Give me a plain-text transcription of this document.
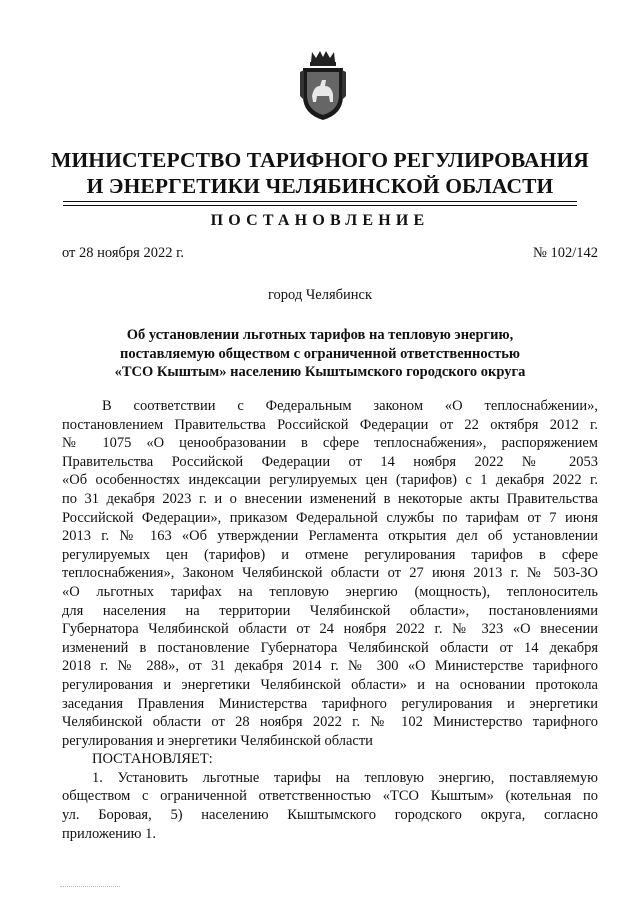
МИНИСТЕРСТВО ТАРИФНОГО РЕГУЛИРОВАНИЯ
И ЭНЕРГЕТИКИ ЧЕЛЯБИНСКОЙ ОБЛАСТИ
ПОСТАНОВЛЕНИЕ
от 28 ноября 2022 г.	№ 102/142
город Челябинск
Об установлении льготных тарифов на тепловую энергию,
поставляемую обществом с ограниченной ответственностью
«ТСО Кыштым» населению Кыштымского городского округа
В соответствии с Федеральным законом «О теплоснабжении»,
постановлением Правительства Российской Федерации от 22 октября 2012 г.
№ 1075 «О ценообразовании в сфере теплоснабжения», распоряжением
Правительства Российской Федерации от 14 ноября 2022 № 2053
«Об особенностях индексации регулируемых цен (тарифов) с 1 декабря 2022 г.
по 31 декабря 2023 г. и о внесении изменений в некоторые акты Правительства
Российской Федерации», приказом Федеральной службы по тарифам от 7 июня
2013 г. № 163 «Об утверждении Регламента открытия дел об установлении
регулируемых цен (тарифов) и отмене регулирования тарифов в сфере
теплоснабжения», Законом Челябинской области от 27 июня 2013 г. № 503-ЗО
«О льготных тарифах на тепловую энергию (мощность), теплоноситель
для населения на территории Челябинской области», постановлениями
Губернатора Челябинской области от 24 ноября 2022 г. № 323 «О внесении
изменений в постановление Губернатора Челябинской области от 14 декабря
2018 г. № 288», от 31 декабря 2014 г. № 300 «О Министерстве тарифного
регулирования и энергетики Челябинской области» и на основании протокола
заседания Правления Министерства тарифного регулирования и энергетики
Челябинской области от 28 ноября 2022 г. № 102 Министерство тарифного
регулирования и энергетики Челябинской области
ПОСТАНОВЛЯЕТ:
1. Установить льготные тарифы на тепловую энергию, поставляемую
обществом с ограниченной ответственностью «ТСО Кыштым» (котельная по
ул. Боровая, 5) населению Кыштымского городского округа, согласно
приложению 1.
